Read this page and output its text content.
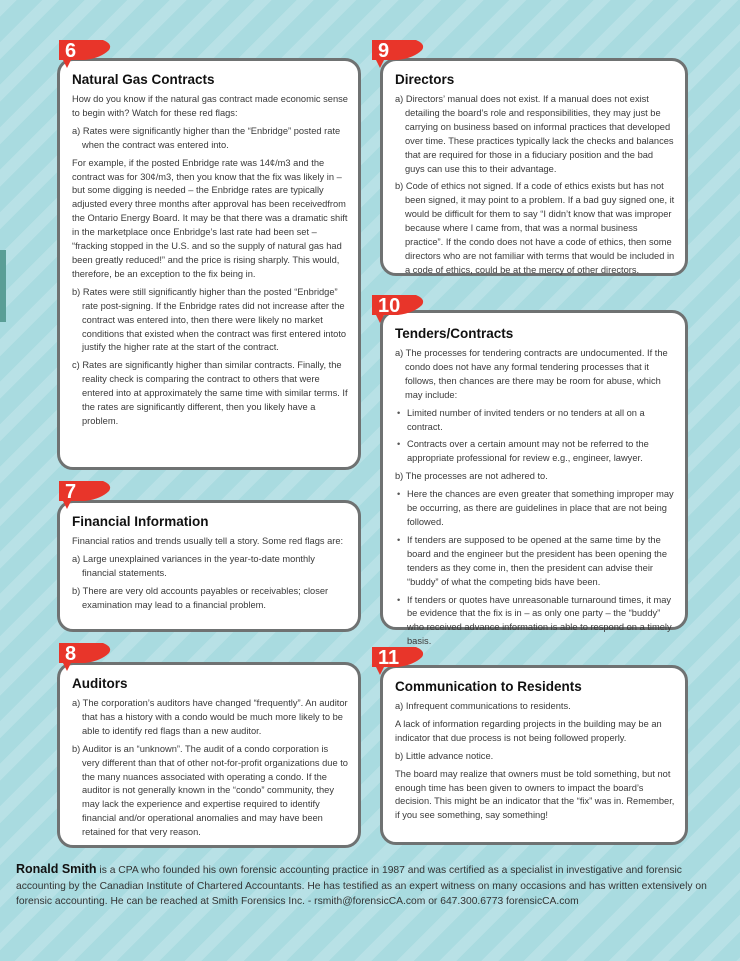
Natural Gas Contracts

How do you know if the natural gas contract made economic sense to begin with? Watch for these red flags:

a) Rates were significantly higher than the “Enbridge” posted rate when the contract was entered into.

For example, if the posted Enbridge rate was 14¢/m3 and the contract was for 30¢/m3, then you know that the fix was likely in – but some digging is needed – the Enbridge rates are typically adjusted every three months after approval has been receivedfrom the Ontario Energy Board. It may be that there was a dramatic shift in the marketplace once Enbridge’s last rate had been set – “fracking stopped in the U.S. and so the supply of natural gas had been greatly reduced!” and the price is rising sharply. This would, therefore, be an exception to the fix being in.

b) Rates were still significantly higher than the posted “Enbridge” rate post-signing. If the Enbridge rates did not increase after the contract was entered into, then there were likely no market conditions that existed when the contract was first entered intoto justify the higher rate at the start of the contract.

c) Rates are significantly higher than similar contracts. Finally, the reality check is comparing the contract to others that were entered into at approximately the same time with similar terms. If the rates are significantly different, then you likely have a problem.

6
Financial Information

Financial ratios and trends usually tell a story. Some red flags are:

a) Large unexplained variances in the year-to-date monthly financial statements.

b) There are very old accounts payables or receivables; closer examination may lead to a financial problem.

7
Auditors

a) The corporation’s auditors have changed “frequently”. An auditor that has a history with a condo would be much more likely to be able to identify red flags than a new auditor.

b) Auditor is an “unknown”. The audit of a condo corporation is very different than that of other not-for-profit organizations due to the many nuances associated with operating a condo. If the auditor is not generally known in the “condo” community, they may lack the experience and expertise required to identify financial and/or operational anomalies and may have been retained for that very reason.

8
Directors

a) Directors’ manual does not exist. If a manual does not exist detailing the board’s role and responsibilities, they may just be carrying on business based on informal practices that developed over time. These practices typically lack the checks and balances that are required for those in a fiduciary position and the bad guys can use this to their advantage.

b) Code of ethics not signed. If a code of ethics exists but has not been signed, it may point to a problem. If a bad guy signed one, it would be difficult for them to say “I didn’t know that was improper because where I came from, that was a normal business practice”. If the condo does not have a code of ethics, then some directors who are not familiar with terms that would be included in a code of ethics, could be at the mercy of other directors.

9
Tenders/Contracts

a) The processes for tendering contracts are undocumented. If the condo does not have any formal tendering processes that it follows, then chances are there may be room for abuse, which may include:

• Limited number of invited tenders or no tenders at all on a contract.
• Contracts over a certain amount may not be referred to the appropriate professional for review e.g., engineer, lawyer.

b) The processes are not adhered to.

• Here the chances are even greater that something improper may be occurring, as there are guidelines in place that are not being followed.
• If tenders are supposed to be opened at the same time by the board and the engineer but the president has been opening the tenders as they come in, then the president can advise their “buddy” of what the competing bids have been.
• If tenders or quotes have unreasonable turnaround times, it may be evidence that the fix is in – as only one party – the “buddy” who received advance information is able to respond on a timely basis.
10
Communication to Residents

a) Infrequent communications to residents.

A lack of information regarding projects in the building may be an indicator that due process is not being followed properly.

b) Little advance notice.

The board may realize that owners must be told something, but not enough time has been given to owners to impact the board’s decision. This might be an indicator that the “fix” was in. Remember, if you see something, say something!

11
Ronald Smith is a CPA who founded his own forensic accounting practice in 1987 and was certified as a specialist in investigative and forensic accounting by the Canadian Institute of Chartered Accountants. He has testified as an expert witness on many occasions and has written extensively on forensic accounting. He can be reached at Smith Forensics Inc. - rsmith@forensicCA.com or 647.300.6773 forensicCA.com
